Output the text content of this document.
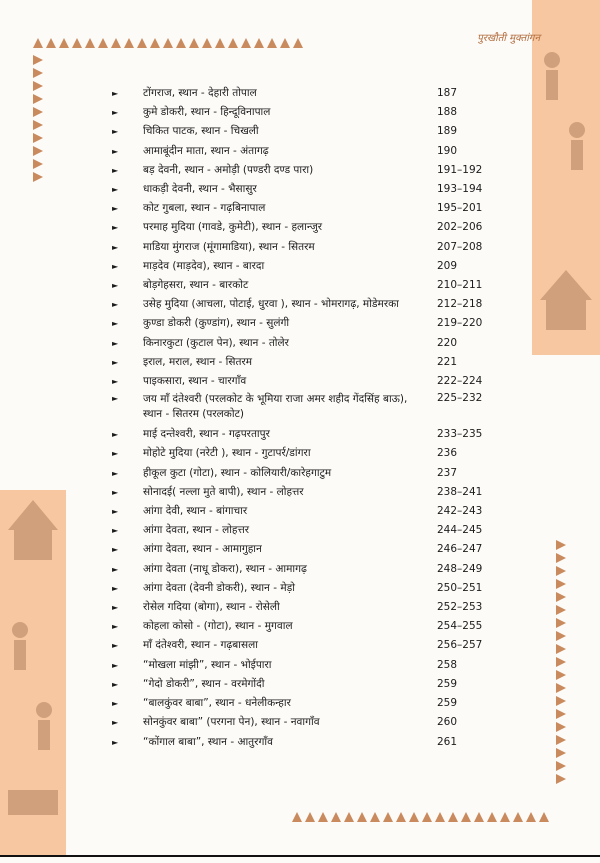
पुरखौती मुक्तांगन
► टोंगराज, स्थान - देहारी तोपाल	187
► कुमे डोकरी, स्थान - हिन्दूविनापाल	188
► चिकित पाटक, स्थान - चिखली	189
► आमाबूंदीन माता, स्थान - अंतागढ़	190
► बड़ देवनी, स्थान - अमोड़ी (पण्डरी दण्ड पारा)	191–192
► धाकड़ी देवनी, स्थान - भैसासुर	193–194
► कोट गुबला, स्थान - गढ़बिनापाल	195–201
► परमाह मुदिया (गावडे, कुमेटी), स्थान - हलान्जुर	202–206
► माडिया मुंगराज (मूंगामाडिया), स्थान - सितरम	207–208
► माड़देव (माड़देव), स्थान - बारदा	209
► बोड़गेहसरा, स्थान - बारकोट	210–211
► उसेह मुदिया (आचला, पोटाई, धुरवा ), स्थान - भोमरागढ़, मोडेमरका	212–218
► कुण्डा डोकरी (कुण्डांग), स्थान - सुलंगी	219–220
► किनारकुटा (कुटाल पेन), स्थान - तोलेर	220
► इराल, मराल, स्थान - सितरम	221
► पाइकसारा, स्थान - चारगाँव	222–224
► जय माँ दंतेश्वरी (परलकोट के भूमिया राजा अमर शहीद गेंदसिंह बाऊ), स्थान - सितरम (परलकोट)
225–232
► माई दन्तेश्वरी, स्थान - गढ़परतापुर	233–235
► मोहोटे मुदिया (नरेटी ), स्थान - गुटापर्र/डांगरा	236
► हीकूल कुटा (गोटा), स्थान - कोलियारी/कारेहगाटुम	237
► सोनादई( नल्ला मुते बापी), स्थान - लोहत्तर	238–241
► आंगा देवी, स्थान - बांगाचार	242–243
► आंगा देवता, स्थान - लोहत्तर	244–245
► आंगा देवता, स्थान - आमागुहान	246–247
► आंगा देवता (नाधू डोकरा), स्थान - आमागढ़	248–249
► आंगा देवता (देवनी डोकरी), स्थान - मेड़ो	250–251
► रोसेल गदिया (बोगा), स्थान - रोसेली	252–253
► कोहला कोसो - (गोटा), स्थान - मुगवाल	254–255
► माँ दंतेश्वरी, स्थान - गढ़बासला	256–257
► “मोखला मांझी”, स्थान - भोईपारा	258
► “गेदो डोकरी”, स्थान - वरमेगोंदी	259
► “बालकुंवर बाबा”, स्थान - धनेलीकन्हार	259
► सोनकुंवर बाबा” (परगना पेन), स्थान - नवागाँव	260
► “कोंगाल बाबा”, स्थान - आतुरगाँव	261
